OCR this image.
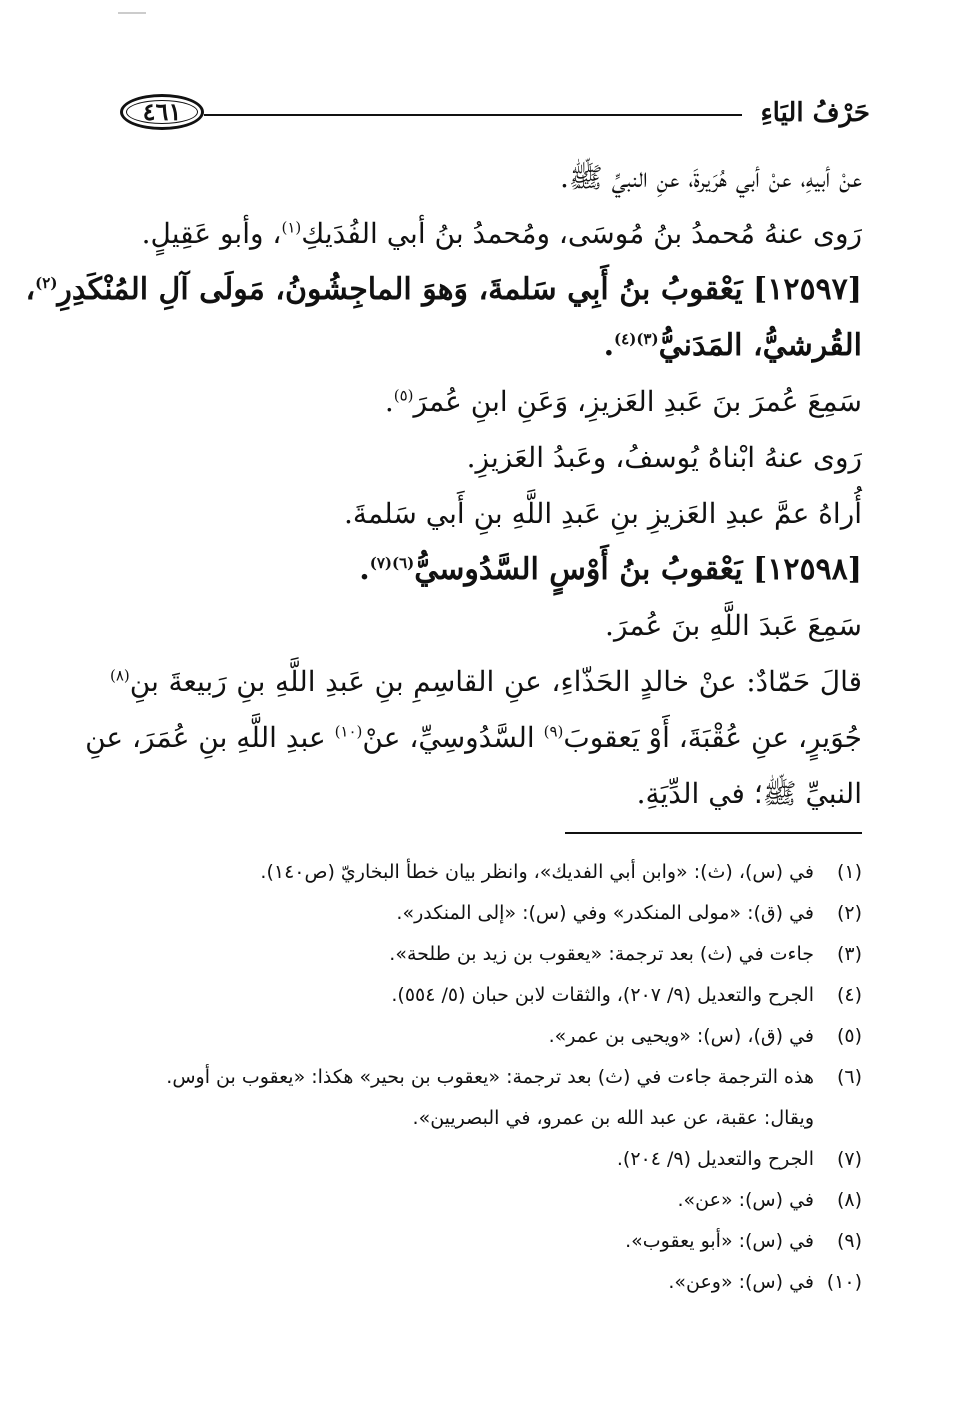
٤٦١	حَرْفُ اليَاءِ
عنْ أبيهِ، عنْ أبي هُرَيرةَ، عنِ النبيِّ ﷺ.
رَوى عنهُ مُحمدُ بنُ مُوسَى، ومُحمدُ بنُ أبي الفُدَيكِ$^{(١)}$، وأبو عَقِيلٍ.
[١٢٥٩٧] يَعْقوبُ بنُ أَبِي سَلمةَ، وَهوَ الماجِشُونُ، مَولَى آلِ المُنْكَدِرِ$^{(٢)}$،
القُرشيُّ، المَدَنيُّ$^{(٣)(٤)}$.
سَمِعَ عُمرَ بنَ عَبدِ العَزيزِ، وَعَنِ ابنِ عُمرَ$^{(٥)}$.
رَوى عنهُ ابْناهُ يُوسفُ، وعَبدُ العَزيزِ.
أُراهُ عمَّ عبدِ العَزيزِ بنِ عَبدِ اللَّهِ بنِ أَبي سَلمةَ.
[١٢٥٩٨] يَعْقوبُ بنُ أَوْسٍ السَّدُوسيُّ$^{(٦)(٧)}$.
سَمِعَ عَبدَ اللَّهِ بنَ عُمرَ.
قالَ حَمّادٌ: عنْ خالدٍ الحَذّاءِ، عنِ القاسِمِ بنِ عَبدِ اللَّهِ بنِ رَبيعةَ بنِ$^{(٨)}$
جُوَيرٍ، عنِ عُقْبَةَ، أَوْ يَعقوبَ$^{(٩)}$ السَّدُوسِيِّ، عنْ$^{(١٠)}$ عبدِ اللَّهِ بنِ عُمَرَ، عنِ
النبيِّ ﷺ؛ في الدِّيَةِ.
(١)
في (س)، (ث): «وابن أبي الفديك»، وانظر بيان خطأ البخاريّ (ص١٤٠).
(٢)
في (ق): «مولى المنكدر» وفي (س): «إلى المنكدر».
(٣)
جاءت في (ث) بعد ترجمة: «يعقوب بن زيد بن طلحة».
(٤)
الجرح والتعديل (٩/ ٢٠٧)، والثقات لابن حبان (٥/ ٥٥٤).
(٥)
في (ق)، (س): «ويحيى بن عمر».
(٦)
هذه الترجمة جاءت في (ث) بعد ترجمة: «يعقوب بن بحير» هكذا: «يعقوب بن أوس.
ويقال: عقبة، عن عبد الله بن عمرو، في البصريين».
(٧)
الجرح والتعديل (٩/ ٢٠٤).
(٨)
في (س): «عن».
(٩)
في (س): «أبو يعقوب».
(١٠)
في (س): «وعن».
